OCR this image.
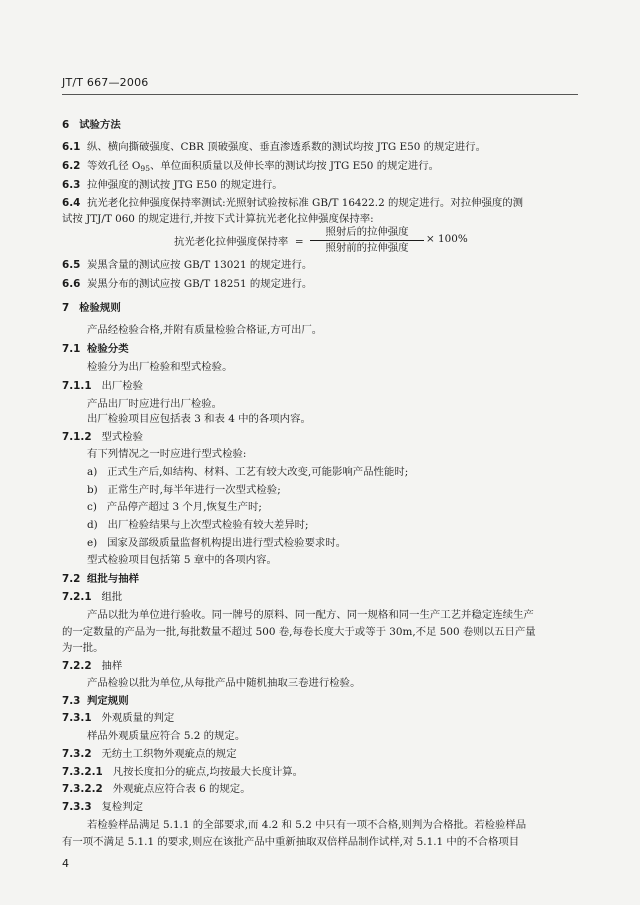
JT/T 667—2006
6 试验方法
6.1 纵、横向撕破强度、CBR 顶破强度、垂直渗透系数的测试均按 JTG E50 的规定进行。
6.2 等效孔径 $O_{95}$、单位面积质量以及伸长率的测试均按 JTG E50 的规定进行。
6.3 拉伸强度的测试按 JTG E50 的规定进行。
6.4 抗光老化拉伸强度保持率测试:光照射试验按标准 GB/T 16422.2 的规定进行。对拉伸强度的测
试按 JTJ/T 060 的规定进行,并按下式计算抗光老化拉伸强度保持率:
抗光老化拉伸强度保持率 =
照射后的拉伸强度
照射前的拉伸强度
× 100%
6.5 炭黑含量的测试应按 GB/T 13021 的规定进行。
6.6 炭黑分布的测试应按 GB/T 18251 的规定进行。
7 检验规则
产品经检验合格,并附有质量检验合格证,方可出厂。
7.1 检验分类
检验分为出厂检验和型式检验。
7.1.1 出厂检验
产品出厂时应进行出厂检验。
出厂检验项目应包括表 3 和表 4 中的各项内容。
7.1.2 型式检验
有下列情况之一时应进行型式检验:
a) 正式生产后,如结构、材料、工艺有较大改变,可能影响产品性能时;
b) 正常生产时,每半年进行一次型式检验;
c) 产品停产超过 3 个月,恢复生产时;
d) 出厂检验结果与上次型式检验有较大差异时;
e) 国家及部级质量监督机构提出进行型式检验要求时。
型式检验项目包括第 5 章中的各项内容。
7.2 组批与抽样
7.2.1 组批
产品以批为单位进行验收。同一牌号的原料、同一配方、同一规格和同一生产工艺并稳定连续生产
的一定数量的产品为一批,每批数量不超过 500 卷,每卷长度大于或等于 30m,不足 500 卷则以五日产量
为一批。
7.2.2 抽样
产品检验以批为单位,从每批产品中随机抽取三卷进行检验。
7.3 判定规则
7.3.1 外观质量的判定
样品外观质量应符合 5.2 的规定。
7.3.2 无纺土工织物外观疵点的规定
7.3.2.1 凡按长度扣分的疵点,均按最大长度计算。
7.3.2.2 外观疵点应符合表 6 的规定。
7.3.3 复检判定
若检验样品满足 5.1.1 的全部要求,而 4.2 和 5.2 中只有一项不合格,则判为合格批。若检验样品
有一项不满足 5.1.1 的要求,则应在该批产品中重新抽取双倍样品制作试样,对 5.1.1 中的不合格项目
4
